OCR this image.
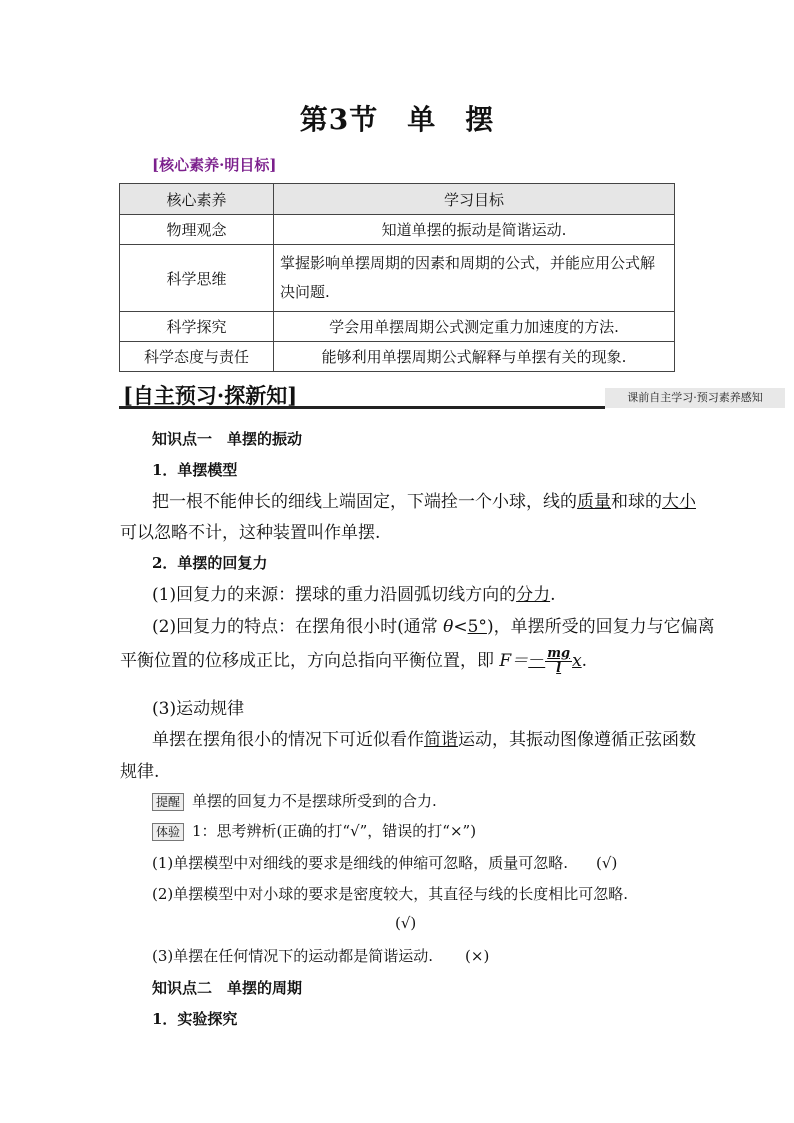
第3节　单　摆
[核心素养·明目标]
核心素养	学习目标
物理观念	知道单摆的振动是简谐运动.
科学思维	掌握影响单摆周期的因素和周期的公式，并能应用公式解决问题.
科学探究	学会用单摆周期公式测定重力加速度的方法.
科学态度与责任	能够利用单摆周期公式解释与单摆有关的现象.
[自主预习·探新知]	课前自主学习·预习素养感知
知识点一　单摆的振动
1．单摆模型
把一根不能伸长的细线上端固定，下端拴一个小球，线的质量和球的大小
可以忽略不计，这种装置叫作单摆.
2．单摆的回复力
(1)回复力的来源：摆球的重力沿圆弧切线方向的分力.
(2)回复力的特点：在摆角很小时(通常 θ<5°)，单摆所受的回复力与它偏离
平衡位置的位移成正比，方向总指向平衡位置，即 $F=- \frac{mg}{l} x$.
(3)运动规律
单摆在摆角很小的情况下可近似看作简谐运动，其振动图像遵循正弦函数
规律.
提醒 单摆的回复力不是摆球所受到的合力.
体验 1：思考辨析(正确的打“√”，错误的打“×”)
(1)单摆模型中对细线的要求是细线的伸缩可忽略，质量可忽略. (√)
(2)单摆模型中对小球的要求是密度较大，其直径与线的长度相比可忽略.
(√)
(3)单摆在任何情况下的运动都是简谐运动. (×)
知识点二　单摆的周期
1．实验探究
